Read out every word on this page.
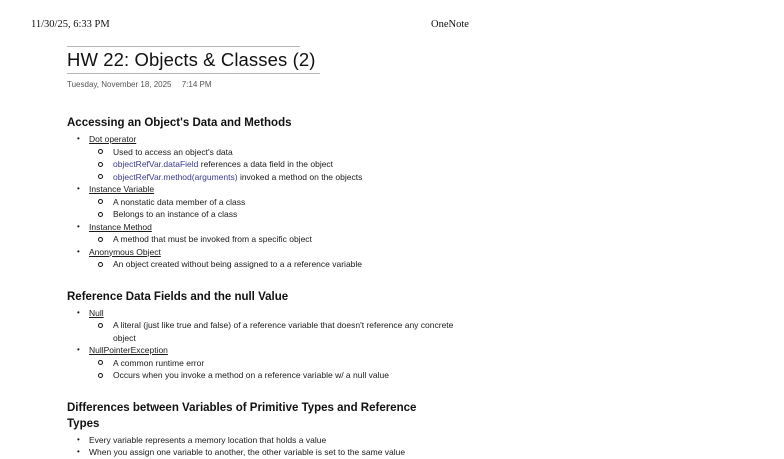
11/30/25, 6:33 PM	OneNote
HW 22: Objects & Classes (2)
Tuesday, November 18, 2025 7:14 PM
Accessing an Object's Data and Methods
• Dot operator
Used to access an object's data
objectRefVar.dataField references a data field in the object
objectRefVar.method(arguments) invoked a method on the objects
• Instance Variable
A nonstatic data member of a class
Belongs to an instance of a class
• Instance Method
A method that must be invoked from a specific object
• Anonymous Object
An object created without being assigned to a a reference variable
Reference Data Fields and the null Value
• Null
A literal (just like true and false) of a reference variable that doesn't reference any concrete object
• NullPointerException
A common runtime error
Occurs when you invoke a method on a reference variable w/ a null value
Differences between Variables of Primitive Types and Reference Types
• Every variable represents a memory location that holds a value
• When you assign one variable to another, the other variable is set to the same value
